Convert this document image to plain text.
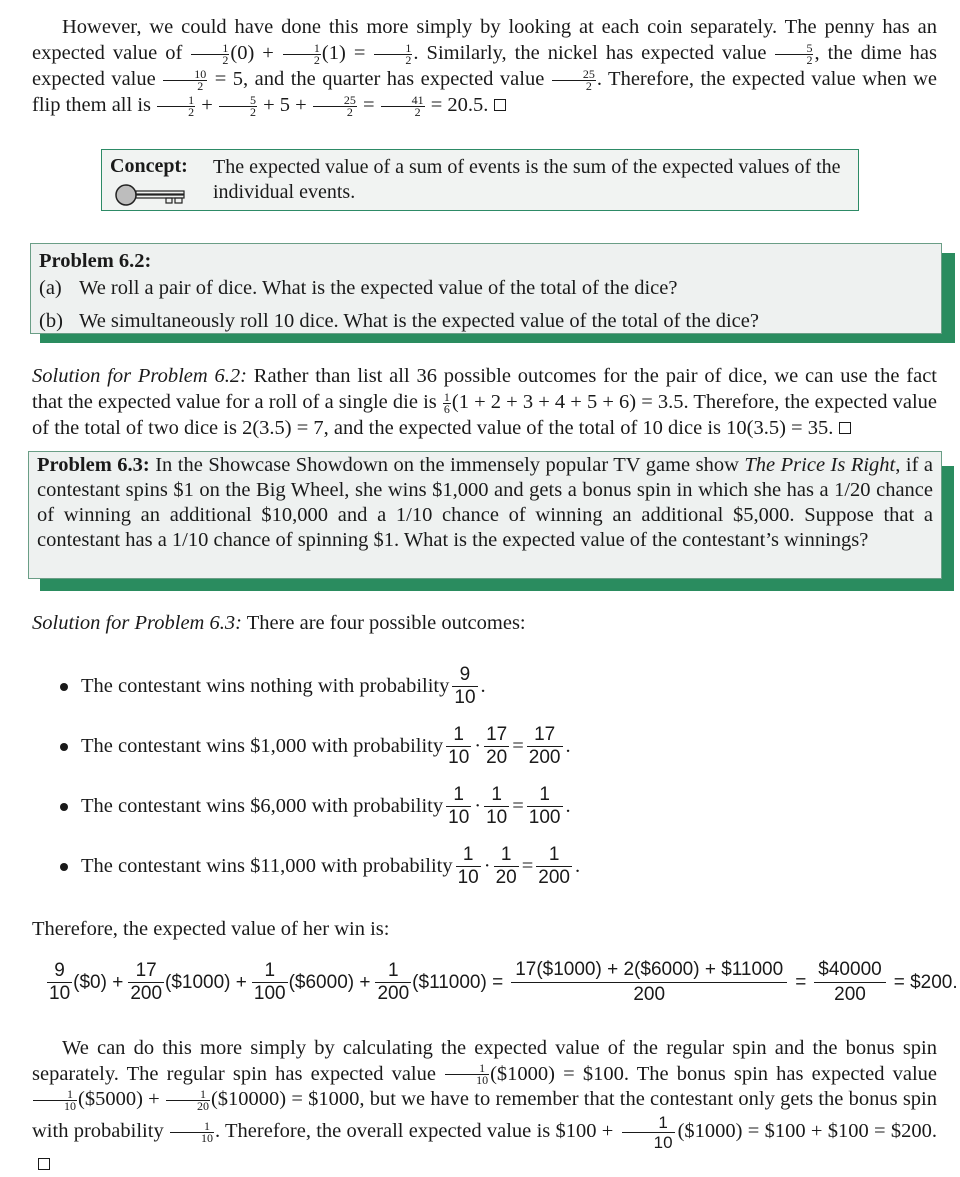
However, we could have done this more simply by looking at each coin separately. The penny has an expected value of $\frac{1}{2} (0) + \frac{1}{2} (1) = \frac{1}{2}$ . Similarly, the nickel has expected value $\frac{5}{2}$ , the dime has expected value $\frac{10}{2} = 5$, and the quarter has expected value $\frac{25}{2}$ . Therefore, the expected value when we flip them all is $\frac{1}{2} + \frac{5}{2} + 5 + \frac{25}{2} = \frac{41}{2} = 20.5$.
Concept: The expected value of a sum of events is the sum of the expected values of the individual events.
Problem 6.2:
(a) We roll a pair of dice. What is the expected value of the total of the dice?
(b) We simultaneously roll 10 dice. What is the expected value of the total of the dice?
Solution for Problem 6.2: Rather than list all 36 possible outcomes for the pair of dice, we can use the fact that the expected value for a roll of a single die is $\frac{1}{6} (1 + 2 + 3 + 4 + 5 + 6) = 3.5$. Therefore, the expected value of the total of two dice is 2(3.5) = 7, and the expected value of the total of 10 dice is 10(3.5) = 35.
Problem 6.3: In the Showcase Showdown on the immensely popular TV game show The Price Is Right, if a contestant spins $1 on the Big Wheel, she wins $1,000 and gets a bonus spin in which she has a 1/20 chance of winning an additional $10,000 and a 1/10 chance of winning an additional $5,000. Suppose that a contestant has a 1/10 chance of spinning $1. What is the expected value of the contestant’s winnings?
Solution for Problem 6.3: There are four possible outcomes:
The contestant wins nothing with probability
9
10
.
The contestant wins $1,000 with probability
1
10
· $\frac{17}{20} = \frac{17}{200}$ .
The contestant wins $6,000 with probability
1
10
· $\frac{1}{10} = \frac{1}{100}$ .
The contestant wins $11,000 with probability
1
10
· $\frac{1}{20} = \frac{1}{200}$ .
Therefore, the expected value of her win is:
9
10
($0) + $\frac{17}{200}$ ($1000) + $\frac{1}{100}$ ($6000) + $\frac{1}{200}$ ($11000) = $\frac{17(\$1000) + 2(\$6000) + \$11000}{200} = \frac{\$40000}{200}$ = $200.
We can do this more simply by calculating the expected value of the regular spin and the bonus spin separately. The regular spin has expected value $\frac{1}{10}$ ($1000) = $100. The bonus spin has expected value
$\frac{1}{10}$ ($5000) + $\frac{1}{20}$ ($10000) = $1000, but we have to remember that the contestant only gets the bonus spin with probability $\frac{1}{10}$ . Therefore, the overall expected value is $100 + $\frac{1}{10}$ ($1000) = $100 + $100 = $200.
